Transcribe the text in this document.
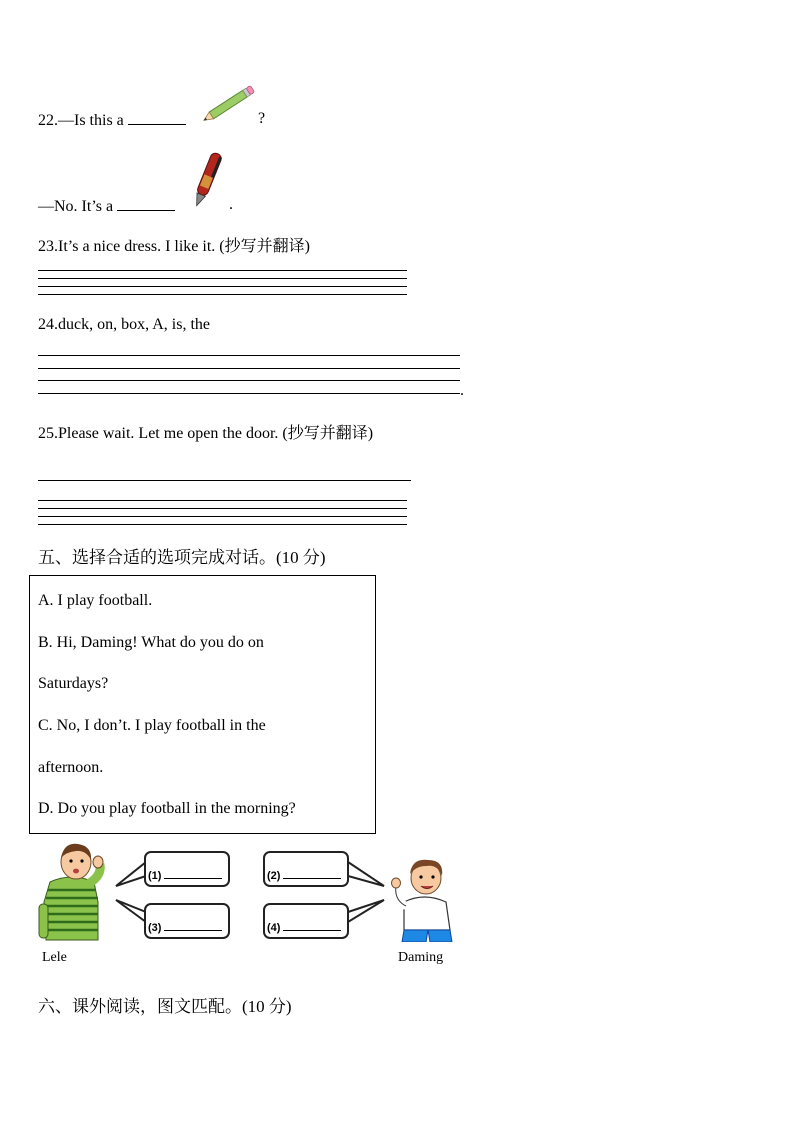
22.—Is this a	?
—No. It’s a	.
23.It’s a nice dress. I like it. (抄写并翻译)
24.duck, on, box, A, is, the
.
25.Please wait. Let me open the door. (抄写并翻译)
五、选择合适的选项完成对话。(10 分)
A. I play football.
B. Hi, Daming! What do you do on
Saturdays?
C. No, I don’t. I play football in the
afternoon.
D. Do you play football in the morning?
(1)
(3)
(2)
(4)
Lele	Daming
六、课外阅读，图文匹配。(10 分)
